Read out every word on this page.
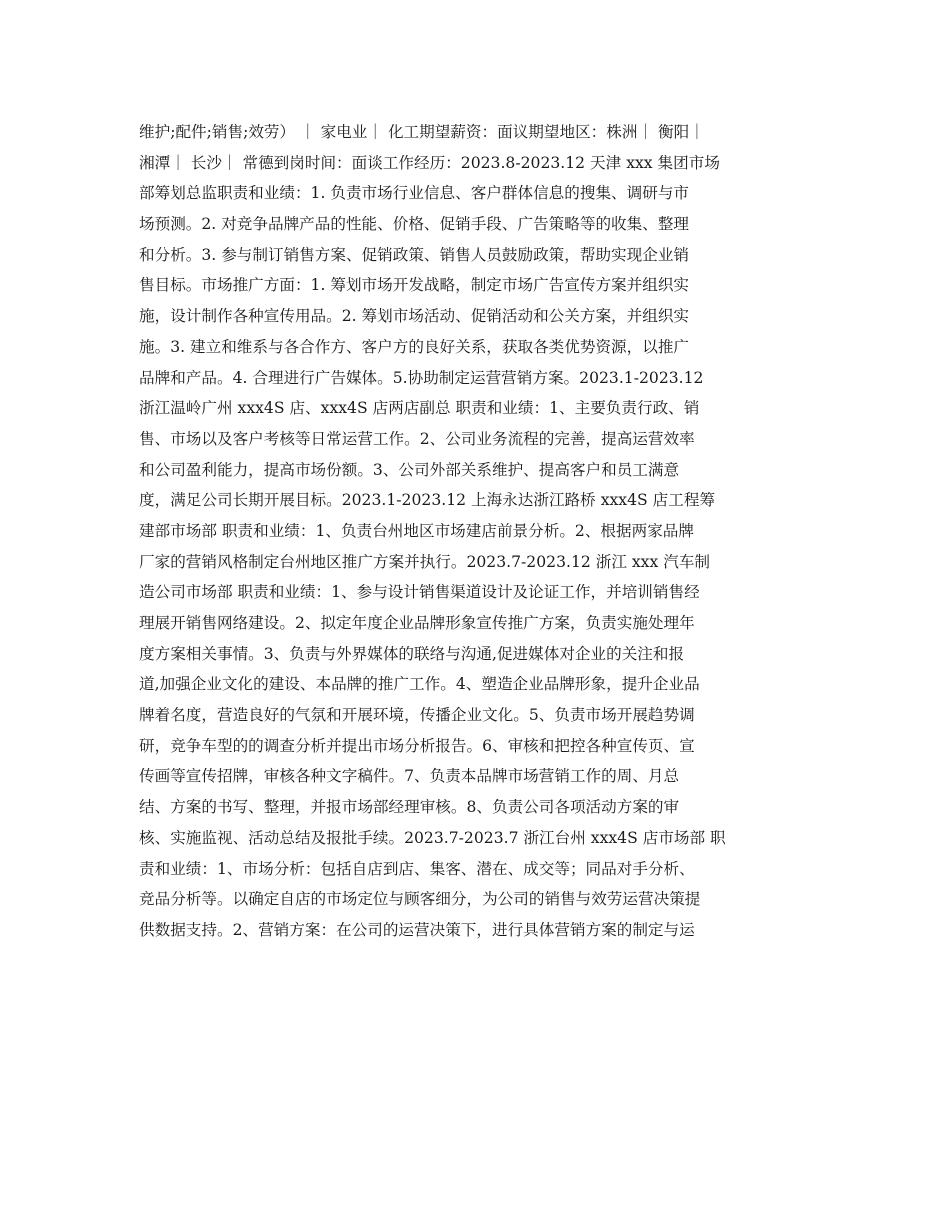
维护;配件;销售;效劳） ｜ 家电业｜ 化工期望薪资：面议期望地区：株洲｜ 衡阳｜
湘潭｜ 长沙｜ 常德到岗时间：面谈工作经历：2023.8-2023.12 天津 xxx 集团市场
部筹划总监职责和业绩：1. 负责市场行业信息、客户群体信息的搜集、调研与市
场预测。2. 对竞争品牌产品的性能、价格、促销手段、广告策略等的收集、整理
和分析。3. 参与制订销售方案、促销政策、销售人员鼓励政策，帮助实现企业销
售目标。市场推广方面：1. 筹划市场开发战略，制定市场广告宣传方案并组织实
施，设计制作各种宣传用品。2. 筹划市场活动、促销活动和公关方案，并组织实
施。3. 建立和维系与各合作方、客户方的良好关系，获取各类优势资源，以推广
品牌和产品。4. 合理进行广告媒体。5.协助制定运营营销方案。2023.1-2023.12
浙江温岭广州 xxx4S 店、xxx4S 店两店副总 职责和业绩：1、主要负责行政、销
售、市场以及客户考核等日常运营工作。2、公司业务流程的完善，提高运营效率
和公司盈利能力，提高市场份额。3、公司外部关系维护、提高客户和员工满意
度，满足公司长期开展目标。2023.1-2023.12 上海永达浙江路桥 xxx4S 店工程筹
建部市场部 职责和业绩：1、负责台州地区市场建店前景分析。2、根据两家品牌
厂家的营销风格制定台州地区推广方案并执行。2023.7-2023.12 浙江 xxx 汽车制
造公司市场部 职责和业绩：1、参与设计销售渠道设计及论证工作，并培训销售经
理展开销售网络建设。2、拟定年度企业品牌形象宣传推广方案，负责实施处理年
度方案相关事情。3、负责与外界媒体的联络与沟通,促进媒体对企业的关注和报
道,加强企业文化的建设、本品牌的推广工作。4、塑造企业品牌形象，提升企业品
牌着名度，营造良好的气氛和开展环境，传播企业文化。5、负责市场开展趋势调
研，竞争车型的的调查分析并提出市场分析报告。6、审核和把控各种宣传页、宣
传画等宣传招牌，审核各种文字稿件。7、负责本品牌市场营销工作的周、月总
结、方案的书写、整理，并报市场部经理审核。8、负责公司各项活动方案的审
核、实施监视、活动总结及报批手续。2023.7-2023.7 浙江台州 xxx4S 店市场部 职
责和业绩：1、市场分析：包括自店到店、集客、潜在、成交等；同品对手分析、
竞品分析等。以确定自店的市场定位与顾客细分，为公司的销售与效劳运营决策提
供数据支持。2、营销方案：在公司的运营决策下，进行具体营销方案的制定与运
